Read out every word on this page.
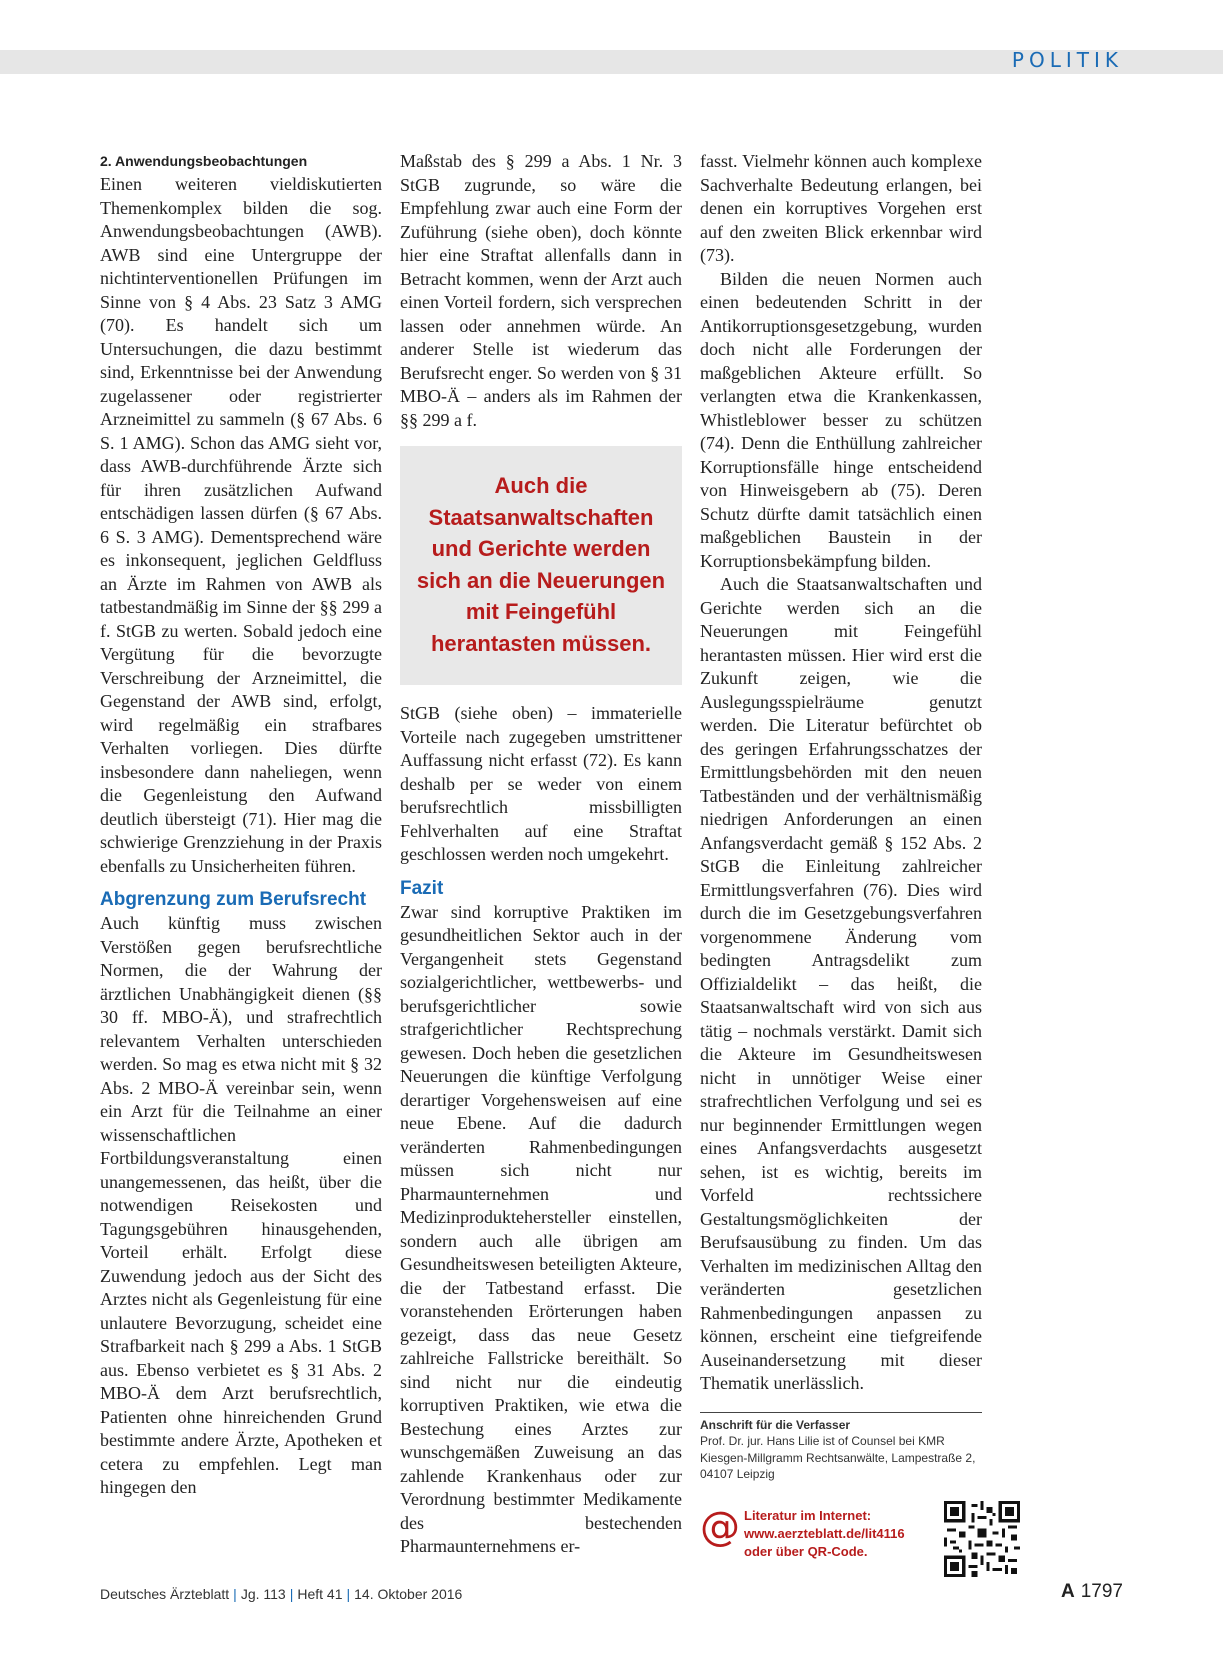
POLITIK
2. Anwendungsbeobachtungen

Einen weiteren vieldiskutierten Themenkomplex bilden die sog. Anwendungsbeobachtungen (AWB). AWB sind eine Untergruppe der nichtinterventionellen Prüfungen im Sinne von § 4 Abs. 23 Satz 3 AMG (70). Es handelt sich um Untersuchungen, die dazu bestimmt sind, Erkenntnisse bei der Anwendung zugelassener oder registrierter Arzneimittel zu sammeln (§ 67 Abs. 6 S. 1 AMG). Schon das AMG sieht vor, dass AWB-durchführende Ärzte sich für ihren zusätzlichen Aufwand entschädigen lassen dürfen (§ 67 Abs. 6 S. 3 AMG). Dementsprechend wäre es inkonsequent, jeglichen Geldfluss an Ärzte im Rahmen von AWB als tatbestandmäßig im Sinne der §§ 299 a f. StGB zu werten. Sobald jedoch eine Vergütung für die bevorzugte Verschreibung der Arzneimittel, die Gegenstand der AWB sind, erfolgt, wird regelmäßig ein strafbares Verhalten vorliegen. Dies dürfte insbesondere dann naheliegen, wenn die Gegenleistung den Aufwand deutlich übersteigt (71). Hier mag die schwierige Grenzziehung in der Praxis ebenfalls zu Unsicherheiten führen.

Abgrenzung zum Berufsrecht

Auch künftig muss zwischen Verstößen gegen berufsrechtliche Normen, die der Wahrung der ärztlichen Unabhängigkeit dienen (§§ 30 ff. MBO-Ä), und strafrechtlich relevantem Verhalten unterschieden werden. So mag es etwa nicht mit § 32 Abs. 2 MBO-Ä vereinbar sein, wenn ein Arzt für die Teilnahme an einer wissenschaftlichen Fortbildungsveranstaltung einen unangemessenen, das heißt, über die notwendigen Reisekosten und Tagungsgebühren hinausgehenden, Vorteil erhält. Erfolgt diese Zuwendung jedoch aus der Sicht des Arztes nicht als Gegenleistung für eine unlautere Bevorzugung, scheidet eine Strafbarkeit nach § 299 a Abs. 1 StGB aus. Ebenso verbietet es § 31 Abs. 2 MBO-Ä dem Arzt berufsrechtlich, Patienten ohne hinreichenden Grund bestimmte andere Ärzte, Apotheken et cetera zu empfehlen. Legt man hingegen den

Maßstab des § 299 a Abs. 1 Nr. 3 StGB zugrunde, so wäre die Empfehlung zwar auch eine Form der Zuführung (siehe oben), doch könnte hier eine Straftat allenfalls dann in Betracht kommen, wenn der Arzt auch einen Vorteil fordern, sich versprechen lassen oder annehmen würde. An anderer Stelle ist wiederum das Berufsrecht enger. So werden von § 31 MBO-Ä – anders als im Rahmen der §§ 299 a f.

Auch die Staatsanwaltschaften und Gerichte werden sich an die Neuerungen mit Feingefühl herantasten müssen.

StGB (siehe oben) – immaterielle Vorteile nach zugegeben umstrittener Auffassung nicht erfasst (72). Es kann deshalb per se weder von einem berufsrechtlich missbilligten Fehlverhalten auf eine Straftat geschlossen werden noch umgekehrt.

Fazit

Zwar sind korruptive Praktiken im gesundheitlichen Sektor auch in der Vergangenheit stets Gegenstand sozialgerichtlicher, wettbewerbs- und berufsgerichtlicher sowie strafgerichtlicher Rechtsprechung gewesen. Doch heben die gesetzlichen Neuerungen die künftige Verfolgung derartiger Vorgehensweisen auf eine neue Ebene. Auf die dadurch veränderten Rahmenbedingungen müssen sich nicht nur Pharmaunternehmen und Medizinproduktehersteller einstellen, sondern auch alle übrigen am Gesundheitswesen beteiligten Akteure, die der Tatbestand erfasst. Die voranstehenden Erörterungen haben gezeigt, dass das neue Gesetz zahlreiche Fallstricke bereithält. So sind nicht nur die eindeutig korruptiven Praktiken, wie etwa die Bestechung eines Arztes zur wunschgemäßen Zuweisung an das zahlende Krankenhaus oder zur Verordnung bestimmter Medikamente des bestechenden Pharmaunternehmens er-

fasst. Vielmehr können auch komplexe Sachverhalte Bedeutung erlangen, bei denen ein korruptives Vorgehen erst auf den zweiten Blick erkennbar wird (73).

Bilden die neuen Normen auch einen bedeutenden Schritt in der Antikorruptionsgesetzgebung, wurden doch nicht alle Forderungen der maßgeblichen Akteure erfüllt. So verlangten etwa die Krankenkassen, Whistleblower besser zu schützen (74). Denn die Enthüllung zahlreicher Korruptionsfälle hinge entscheidend von Hinweisgebern ab (75). Deren Schutz dürfte damit tatsächlich einen maßgeblichen Baustein in der Korruptionsbekämpfung bilden.

Auch die Staatsanwaltschaften und Gerichte werden sich an die Neuerungen mit Feingefühl herantasten müssen. Hier wird erst die Zukunft zeigen, wie die Auslegungsspielräume genutzt werden. Die Literatur befürchtet ob des geringen Erfahrungsschatzes der Ermittlungsbehörden mit den neuen Tatbeständen und der verhältnismäßig niedrigen Anforderungen an einen Anfangsverdacht gemäß § 152 Abs. 2 StGB die Einleitung zahlreicher Ermittlungsverfahren (76). Dies wird durch die im Gesetzgebungsverfahren vorgenommene Änderung vom bedingten Antragsdelikt zum Offizialdelikt – das heißt, die Staatsanwaltschaft wird von sich aus tätig – nochmals verstärkt. Damit sich die Akteure im Gesundheitswesen nicht in unnötiger Weise einer strafrechtlichen Verfolgung und sei es nur beginnender Ermittlungen wegen eines Anfangsverdachts ausgesetzt sehen, ist es wichtig, bereits im Vorfeld rechtssichere Gestaltungsmöglichkeiten der Berufsausübung zu finden. Um das Verhalten im medizinischen Alltag den veränderten gesetzlichen Rahmenbedingungen anpassen zu können, erscheint eine tiefgreifende Auseinandersetzung mit dieser Thematik unerlässlich.

Anschrift für die Verfasser
Prof. Dr. jur. Hans Lilie ist of Counsel bei KMR Kiesgen-Millgramm Rechtsanwälte, Lampestraße 2, 04107 Leipzig
@ Literatur im Internet:
www.aerzteblatt.de/lit4116
oder über QR-Code.
Deutsches Ärzteblatt | Jg. 113 | Heft 41 | 14. Oktober 2016	A 1797
